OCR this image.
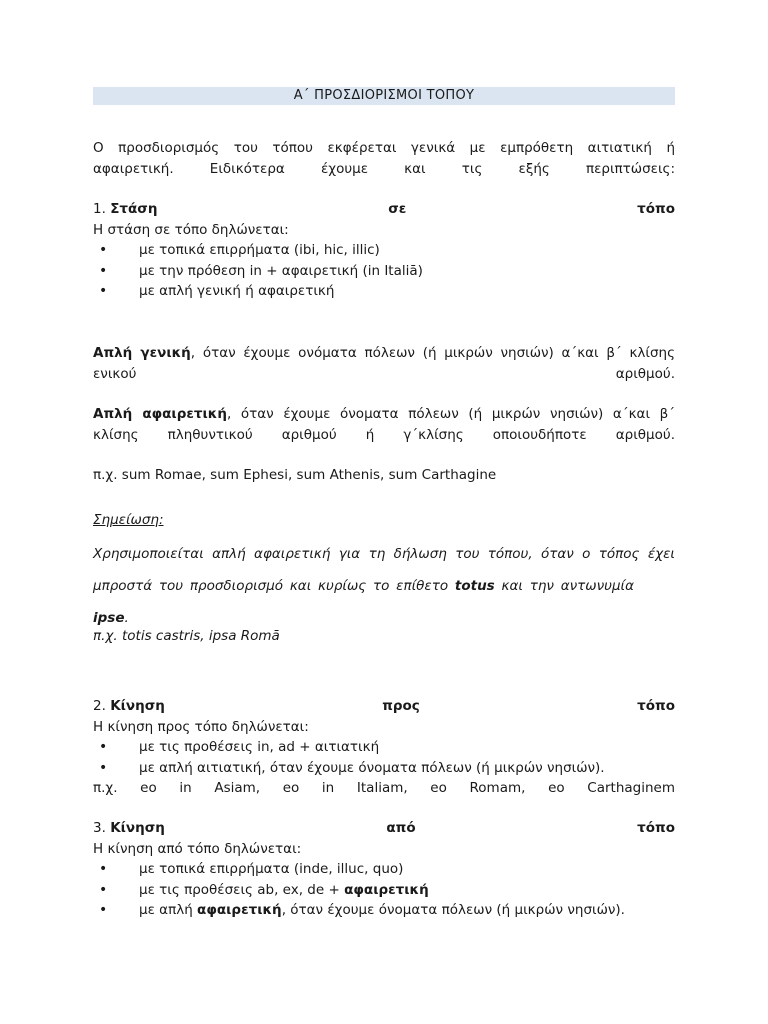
Α΄ ΠΡΟΣΔΙΟΡΙΣΜΟΙ ΤΟΠΟΥ
Ο προσδιορισμός του τόπου εκφέρεται γενικά με εμπρόθετη αιτιατική ή
αφαιρετική. Ειδικότερα έχουμε και τις εξής περιπτώσεις:
1. Στάση	σε	τόπο
Η στάση σε τόπο δηλώνεται:
• με τοπικά επιρρήματα (ibi, hic, illic)
• με την πρόθεση in + αφαιρετική (in Italiā)
• με απλή γενική ή αφαιρετική
Απλή γενική, όταν έχουμε ονόματα πόλεων (ή μικρών νησιών) α΄και β΄ κλίσης
ενικού αριθμού.
Απλή αφαιρετική, όταν έχουμε όνοματα πόλεων (ή μικρών νησιών) α΄και β΄
κλίσης πληθυντικού αριθμού ή γ΄κλίσης οποιουδήποτε αριθμού.
π.χ. sum Romae, sum Ephesi, sum Athenis, sum Carthagine
Σημείωση:
Χρησιμοποιείται απλή αφαιρετική για τη δήλωση του τόπου, όταν ο τόπος έχει
μπροστά του προσδιορισμό και κυρίως το επίθετο totus και την αντωνυμία ipse.
π.χ. totis castris, ipsa Romā
2. Κίνηση	προς	τόπο
Η κίνηση προς τόπο δηλώνεται:
• με τις προθέσεις in, ad + αιτιατική
• με απλή αιτιατική, όταν έχουμε όνοματα πόλεων (ή μικρών νησιών).
π.χ. eo in Asiam, eo in Italiam, eo Romam, eo Carthaginem
3. Κίνηση	από	τόπο
Η κίνηση από τόπο δηλώνεται:
• με τοπικά επιρρήματα (inde, illuc, quo)
• με τις προθέσεις ab, ex, de + αφαιρετική
• με απλή αφαιρετική, όταν έχουμε όνοματα πόλεων (ή μικρών νησιών).
